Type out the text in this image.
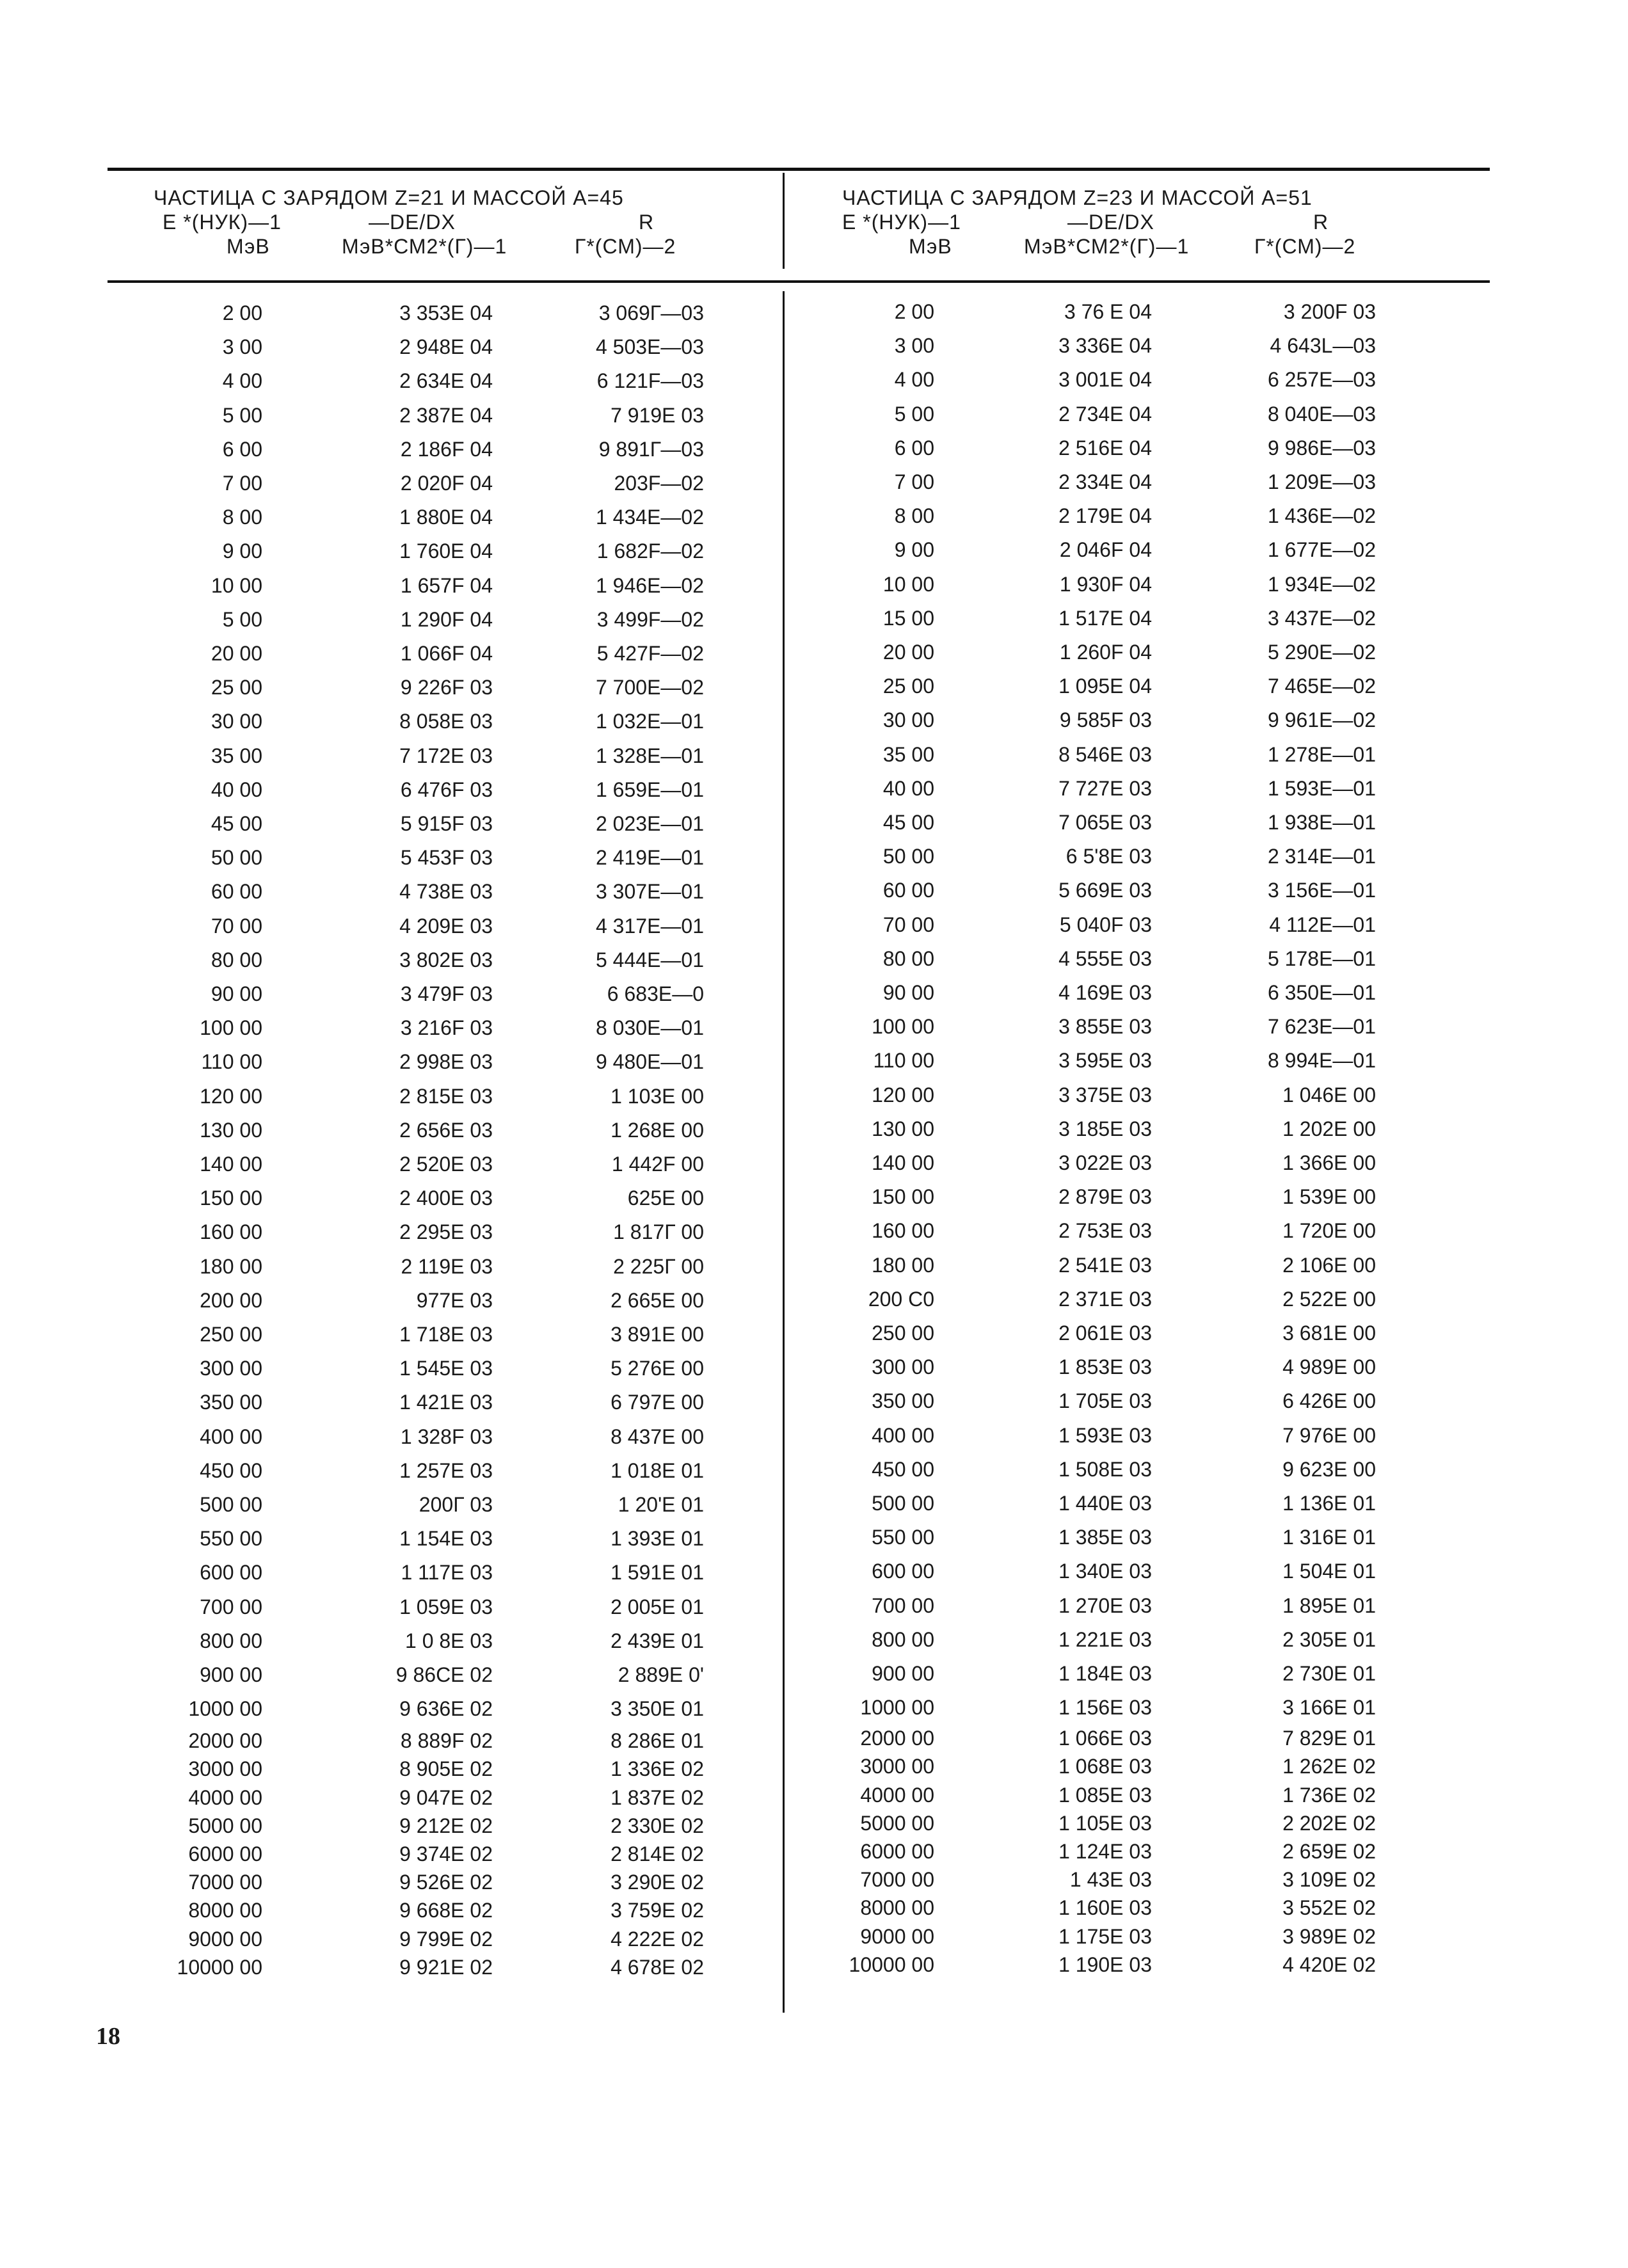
ЧАСТИЦА С ЗАРЯДОМ Z=21 И МАССОЙ А=45
Е *(НУК)—1	—DE/DX	R
МэВ	МэВ*СМ2*(Г)—1	Г*(СМ)—2
ЧАСТИЦА С ЗАРЯДОМ Z=23 И МАССОЙ А=51
Е *(НУК)—1	—DE/DX	R
МэВ	МэВ*СМ2*(Г)—1	Г*(СМ)—2
2 00	3 353E 04	3 069Г—03
3 00	2 948E 04	4 503E—03
4 00	2 634E 04	6 121F—03
5 00	2 387E 04	7 919E 03
6 00	2 186F 04	9 891Г—03
7 00	2 020F 04	203F—02
8 00	1 880E 04	1 434E—02
9 00	1 760E 04	1 682F—02
10 00	1 657F 04	1 946E—02
5 00	1 290F 04	3 499F—02
20 00	1 066F 04	5 427F—02
25 00	9 226F 03	7 700E—02
30 00	8 058E 03	1 032E—01
35 00	7 172E 03	1 328E—01
40 00	6 476F 03	1 659E—01
45 00	5 915F 03	2 023E—01
50 00	5 453F 03	2 419E—01
60 00	4 738E 03	3 307E—01
70 00	4 209E 03	4 317E—01
80 00	3 802E 03	5 444E—01
90 00	3 479F 03	6 683E—0
100 00	3 216F 03	8 030E—01
110 00	2 998E 03	9 480E—01
120 00	2 815E 03	1 103E 00
130 00	2 656E 03	1 268E 00
140 00	2 520E 03	1 442F 00
150 00	2 400E 03	625E 00
160 00	2 295E 03	1 817Г 00
180 00	2 119E 03	2 225Г 00
200 00	977E 03	2 665E 00
250 00	1 718E 03	3 891E 00
300 00	1 545E 03	5 276E 00
350 00	1 421E 03	6 797E 00
400 00	1 328F 03	8 437E 00
450 00	1 257E 03	1 018E 01
500 00	200Г 03	1 20'E 01
550 00	1 154E 03	1 393E 01
600 00	1 117E 03	1 591E 01
700 00	1 059E 03	2 005E 01
800 00	1 0 8E 03	2 439E 01
900 00	9 86CE 02	2 889E 0'
1000 00	9 636E 02	3 350E 01
2000 00	8 889F 02	8 286E 01
3000 00	8 905E 02	1 336E 02
4000 00	9 047E 02	1 837E 02
5000 00	9 212E 02	2 330E 02
6000 00	9 374E 02	2 814E 02
7000 00	9 526E 02	3 290E 02
8000 00	9 668E 02	3 759E 02
9000 00	9 799E 02	4 222E 02
10000 00	9 921E 02	4 678E 02
2 00	3 76 E 04	3 200F 03
3 00	3 336E 04	4 643L—03
4 00	3 001E 04	6 257E—03
5 00	2 734E 04	8 040E—03
6 00	2 516E 04	9 986E—03
7 00	2 334E 04	1 209E—03
8 00	2 179E 04	1 436E—02
9 00	2 046F 04	1 677E—02
10 00	1 930F 04	1 934E—02
15 00	1 517E 04	3 437E—02
20 00	1 260F 04	5 290E—02
25 00	1 095E 04	7 465E—02
30 00	9 585F 03	9 961E—02
35 00	8 546E 03	1 278E—01
40 00	7 727E 03	1 593E—01
45 00	7 065E 03	1 938E—01
50 00	6 5'8E 03	2 314E—01
60 00	5 669E 03	3 156E—01
70 00	5 040F 03	4 112E—01
80 00	4 555E 03	5 178E—01
90 00	4 169E 03	6 350E—01
100 00	3 855E 03	7 623E—01
110 00	3 595E 03	8 994E—01
120 00	3 375E 03	1 046E 00
130 00	3 185E 03	1 202E 00
140 00	3 022E 03	1 366E 00
150 00	2 879E 03	1 539E 00
160 00	2 753E 03	1 720E 00
180 00	2 541E 03	2 106E 00
200 C0	2 371E 03	2 522E 00
250 00	2 061E 03	3 681E 00
300 00	1 853E 03	4 989E 00
350 00	1 705E 03	6 426E 00
400 00	1 593E 03	7 976E 00
450 00	1 508E 03	9 623E 00
500 00	1 440E 03	1 136E 01
550 00	1 385E 03	1 316E 01
600 00	1 340E 03	1 504E 01
700 00	1 270E 03	1 895E 01
800 00	1 221E 03	2 305E 01
900 00	1 184E 03	2 730E 01
1000 00	1 156E 03	3 166E 01
2000 00	1 066E 03	7 829E 01
3000 00	1 068E 03	1 262E 02
4000 00	1 085E 03	1 736E 02
5000 00	1 105E 03	2 202E 02
6000 00	1 124E 03	2 659E 02
7000 00	1 43E 03	3 109E 02
8000 00	1 160E 03	3 552E 02
9000 00	1 175E 03	3 989E 02
10000 00	1 190E 03	4 420E 02
18
